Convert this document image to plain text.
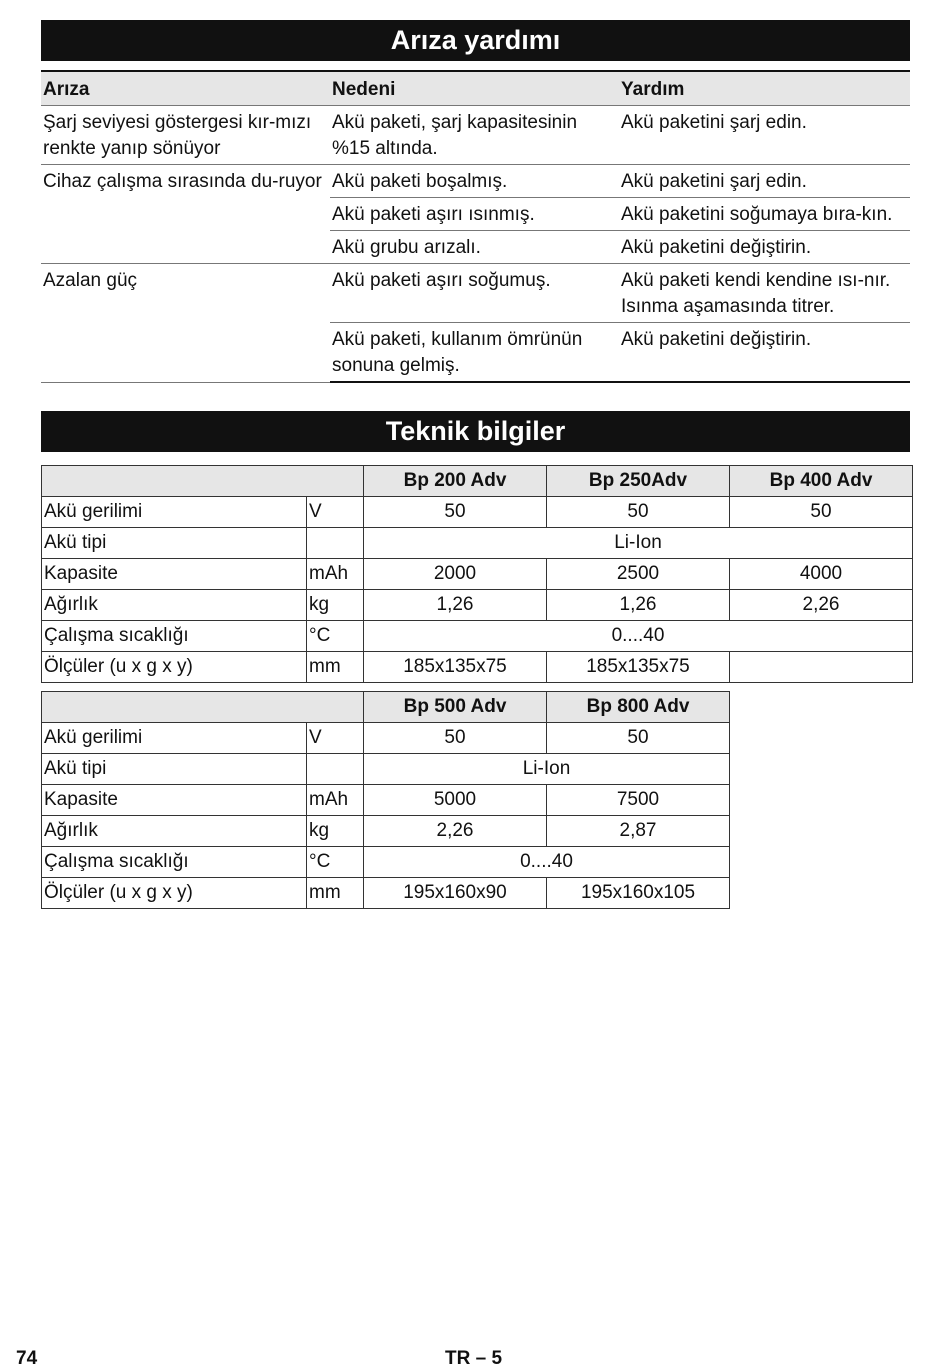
Arıza yardımı
Arıza	Nedeni	Yardım
Şarj seviyesi göstergesi kır-mızı renkte yanıp sönüyor	Akü paketi, şarj kapasitesinin %15 altında.	Akü paketini şarj edin.
Cihaz çalışma sırasında du-ruyor	Akü paketi boşalmış.	Akü paketini şarj edin.
	Akü paketi aşırı ısınmış.	Akü paketini soğumaya bıra-kın.
	Akü grubu arızalı.	Akü paketini değiştirin.
Azalan güç	Akü paketi aşırı soğumuş.	Akü paketi kendi kendine ısı-nır. Isınma aşamasında titrer.
	Akü paketi, kullanım ömrünün sonuna gelmiş.	Akü paketini değiştirin.
Teknik bilgiler
		Bp 200 Adv	Bp 250Adv	Bp 400 Adv
Akü gerilimi	V	50	50	50
Akü tipi		Li-Ion		
Kapasite	mAh	2000	2500	4000
Ağırlık	kg	1,26	1,26	2,26
Çalışma sıcaklığı	°C	0....40		
Ölçüler (u x g x y)	mm	185x135x75	185x135x75	
		Bp 500 Adv	Bp 800 Adv
Akü gerilimi	V	50	50
Akü tipi		Li-Ion	
Kapasite	mAh	5000	7500
Ağırlık	kg	2,26	2,87
Çalışma sıcaklığı	°C	0....40	
Ölçüler (u x g x y)	mm	195x160x90	195x160x105
74	TR – 5
